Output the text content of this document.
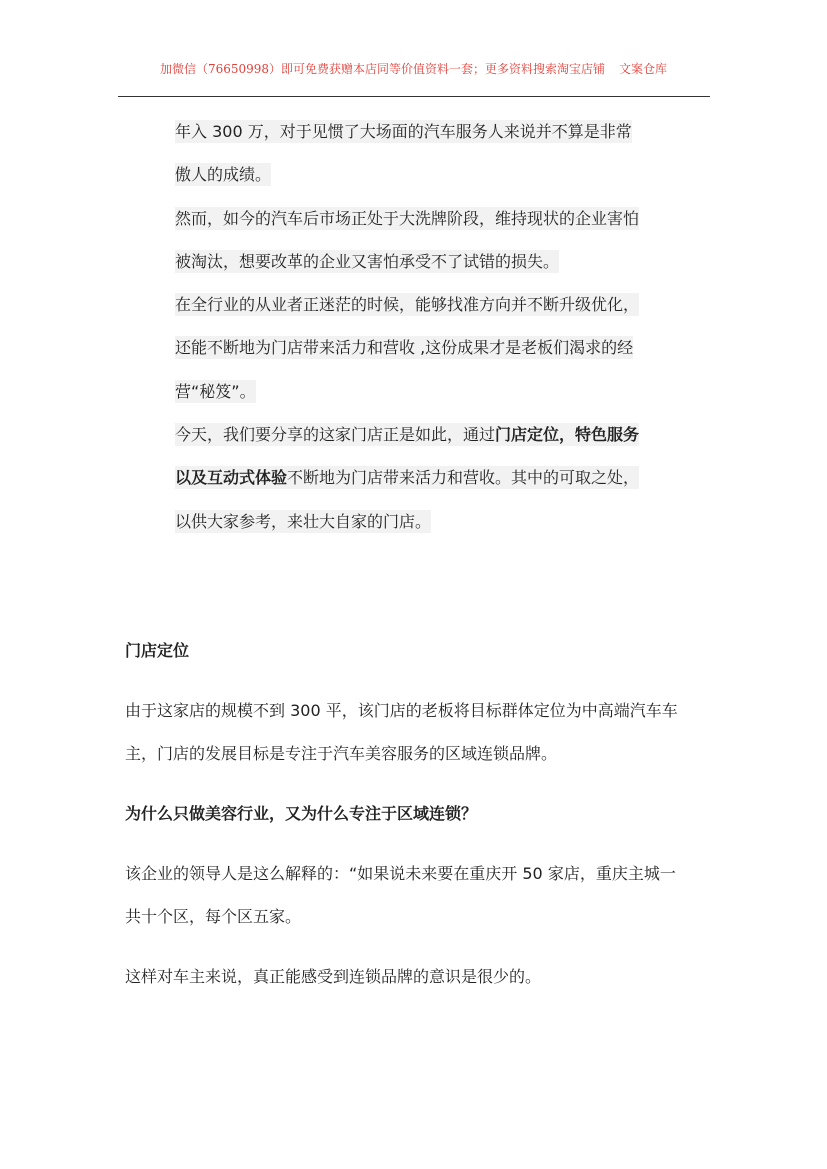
加微信（76650998）即可免费获赠本店同等价值资料一套；更多资料搜索淘宝店铺 文案仓库
年入 300 万，对于见惯了大场面的汽车服务人来说并不算是非常
傲人的成绩。
然而，如今的汽车后市场正处于大洗牌阶段，维持现状的企业害怕
被淘汰，想要改革的企业又害怕承受不了试错的损失。
在全行业的从业者正迷茫的时候，能够找准方向并不断升级优化，
还能不断地为门店带来活力和营收 ,这份成果才是老板们渴求的经
营“秘笈”。
今天，我们要分享的这家门店正是如此，通过门店定位，特色服务
以及互动式体验不断地为门店带来活力和营收。其中的可取之处，
以供大家参考，来壮大自家的门店。
门店定位
由于这家店的规模不到 300 平，该门店的老板将目标群体定位为中高端汽车车
主，门店的发展目标是专注于汽车美容服务的区域连锁品牌。
为什么只做美容行业，又为什么专注于区域连锁？
该企业的领导人是这么解释的：“如果说未来要在重庆开 50 家店，重庆主城一
共十个区，每个区五家。
这样对车主来说，真正能感受到连锁品牌的意识是很少的。
